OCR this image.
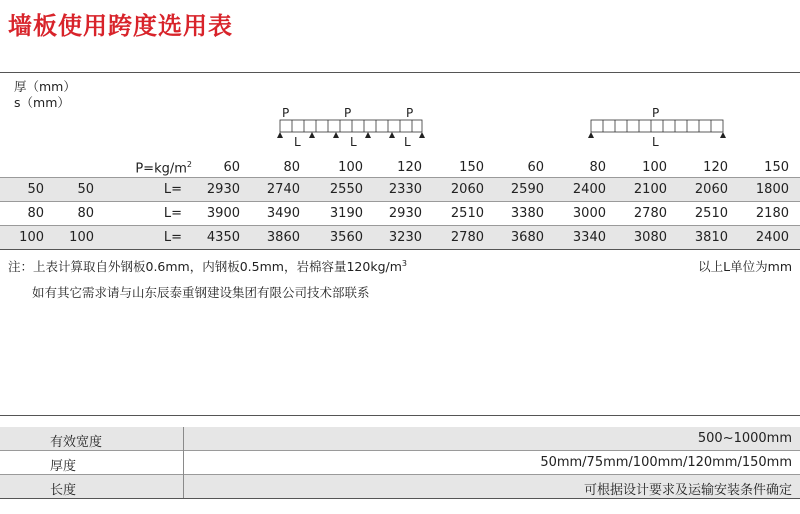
墙板使用跨度选用表
厚（mm）
s（mm）
P	P	P
L	L	L
P
L
$P=kg/m^2$	60	80	100	120	150	60	80	100	120	150
50	50	L=	2930	2740	2550	2330	2060	2590	2400	2100	2060	1800
80	80	L=	3900	3490	3190	2930	2510	3380	3000	2780	2510	2180
100	100	L=	4350	3860	3560	3230	2780	3680	3340	3080	3810	2400
注：上表计算取自外钢板0.6mm，内钢板0.5mm，岩棉容量$120kg/m^3$	以上L单位为mm
如有其它需求请与山东辰泰重钢建设集团有限公司技术部联系
有效宽度	500~1000mm
厚度	50mm/75mm/100mm/120mm/150mm
长度	可根据设计要求及运输安装条件确定
